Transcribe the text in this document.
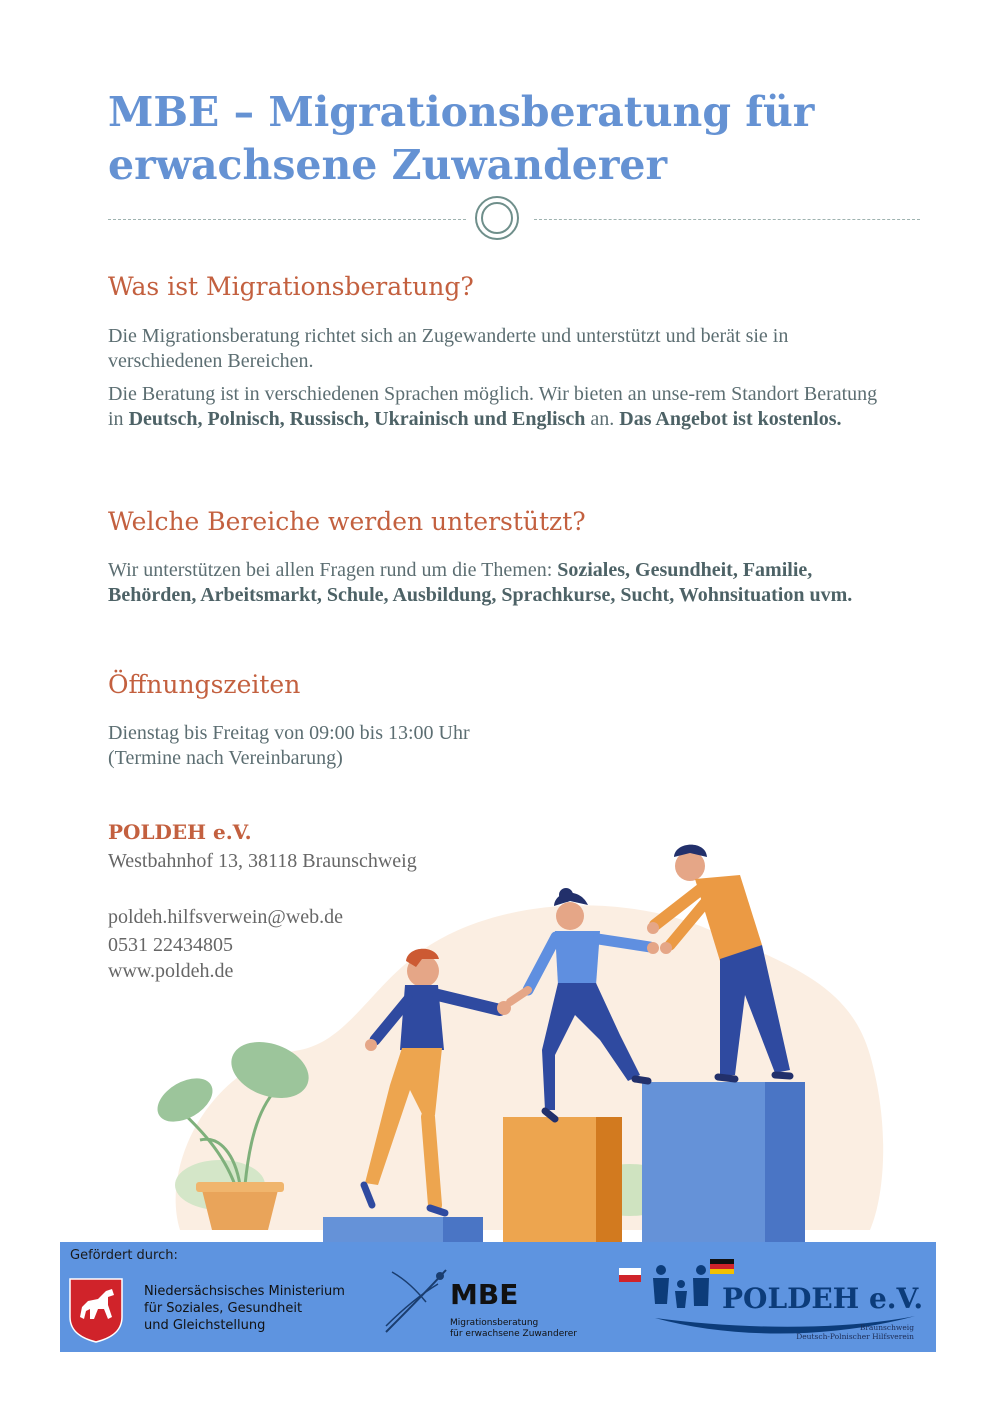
MBE – Migrationsberatung für erwachsene Zuwanderer
Was ist Migrationsberatung?

Die Migrationsberatung richtet sich an Zugewanderte und unterstützt und berät sie in verschiedenen Bereichen.

Die Beratung ist in verschiedenen Sprachen möglich. Wir bieten an unse-rem Standort Beratung in Deutsch, Polnisch, Russisch, Ukrainisch und Englisch an. Das Angebot ist kostenlos.

Welche Bereiche werden unterstützt?

Wir unterstützen bei allen Fragen rund um die Themen: Soziales, Gesundheit, Familie, Behörden, Arbeitsmarkt, Schule, Ausbildung, Sprachkurse, Sucht, Wohnsituation uvm.

Öffnungszeiten

Dienstag bis Freitag von 09:00 bis 13:00 Uhr

(Termine nach Vereinbarung)

POLDEH e.V.

Westbahnhof 13, 38118 Braunschweig

poldeh.hilfsverwein@web.de

0531 22434805

www.poldeh.de

Gefördert durch:
Niedersächsisches Ministerium
für Soziales, Gesundheit
und Gleichstellung
MBE
Migrationsberatung
für erwachsene Zuwanderer
POLDEH e.V.
Braunschweig
Deutsch-Polnischer Hilfsverein
